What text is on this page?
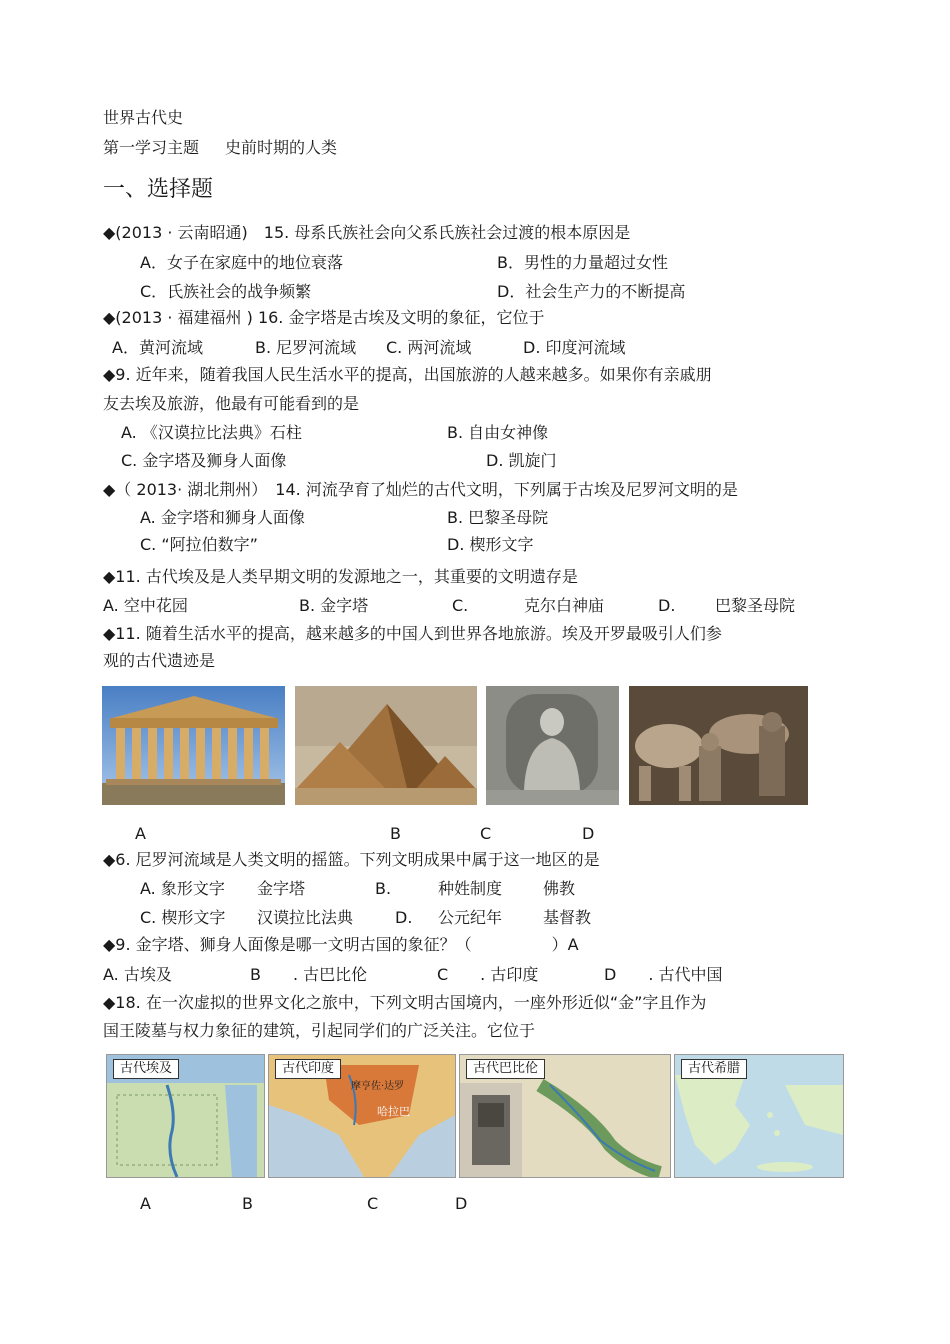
世界古代史
第一学习主题 史前时期的人类
一、选择题
◆(2013 · 云南昭通)　15. 母系氏族社会向父系氏族社会过渡的根本原因是
A．女子在家庭中的地位衰落	B．男性的力量超过女性
C．氏族社会的战争频繁	D．社会生产力的不断提高
◆(2013 · 福建福州 ) 16. 金字塔是古埃及文明的象征，它位于
A．黄河流域	B. 尼罗河流域 C. 两河流域	D. 印度河流域
◆9. 近年来，随着我国人民生活水平的提高，出国旅游的人越来越多。如果你有亲戚朋
友去埃及旅游，他最有可能看到的是
A. 《汉谟拉比法典》石柱	B. 自由女神像
C. 金字塔及狮身人面像	D. 凯旋门
◆（ 2013· 湖北荆州）　14. 河流孕育了灿烂的古代文明，下列属于古埃及尼罗河文明的是
A. 金字塔和狮身人面像	B. 巴黎圣母院
C. “阿拉伯数字”	D. 楔形文字
◆11. 古代埃及是人类早期文明的发源地之一，其重要的文明遗存是
A. 空中花园	B. 金字塔	C.	克尔白神庙	D. 巴黎圣母院
◆11. 随着生活水平的提高，越来越多的中国人到世界各地旅游。埃及开罗最吸引人们参
观的古代遗迹是
A	B	C	D
◆6. 尼罗河流域是人类文明的摇篮。下列文明成果中属于这一地区的是
A. 象形文字 金字塔	B.	种姓制度	佛教
C. 楔形文字 汉谟拉比法典	D. 公元纪年	基督教
◆9. 金字塔、狮身人面像是哪一文明古国的象征？（　　　　　）A
A. 古埃及	B　　. 古巴比伦	C　　. 古印度	D　　. 古代中国
◆18. 在一次虚拟的世界文化之旅中，下列文明古国境内，一座外形近似“金”字且作为
国王陵墓与权力象征的建筑，引起同学们的广泛关注。它位于
古代埃及	古代印度
摩亨佐·达罗
哈拉巴
古代巴比伦	古代希腊
A	B	C	D
